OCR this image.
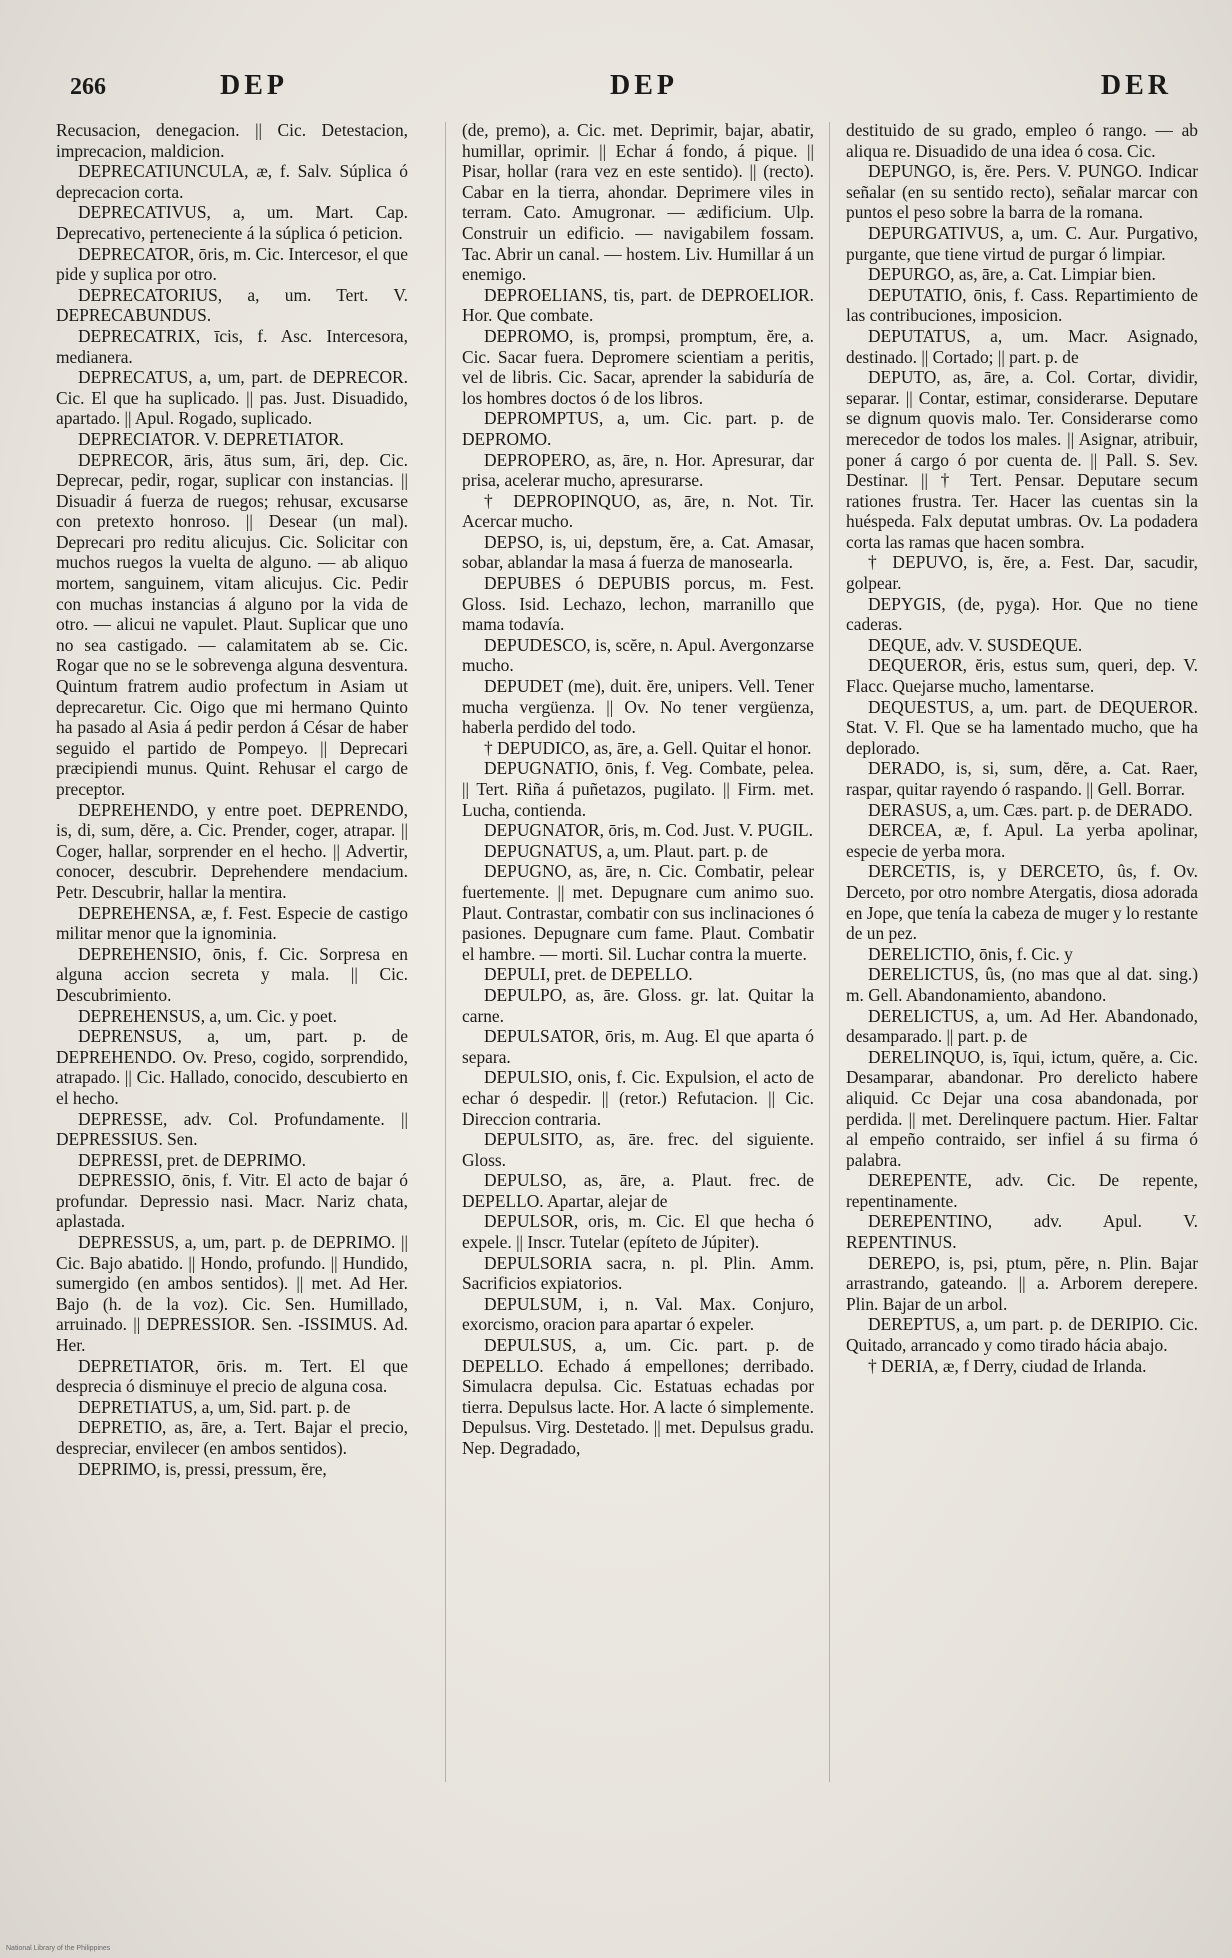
266	DEP	DEP	DER

Recusacion, denegacion. || Cic. Detestacion, imprecacion, maldicion.

DEPRECATIUNCULA, æ, f. Salv. Súplica ó deprecacion corta.

DEPRECATIVUS, a, um. Mart. Cap. Deprecativo, perteneciente á la súplica ó peticion.

DEPRECATOR, ōris, m. Cic. Intercesor, el que pide y suplica por otro.

DEPRECATORIUS, a, um. Tert. V. DEPRECABUNDUS.

DEPRECATRIX, īcis, f. Asc. Intercesora, medianera.

DEPRECATUS, a, um, part. de DEPRECOR. Cic. El que ha suplicado. || pas. Just. Disuadido, apartado. || Apul. Rogado, suplicado.

DEPRECIATOR. V. DEPRETIATOR.

DEPRECOR, āris, ātus sum, āri, dep. Cic. Deprecar, pedir, rogar, suplicar con instancias. || Disuadir á fuerza de ruegos; rehusar, excusarse con pretexto honroso. || Desear (un mal). Deprecari pro reditu alicujus. Cic. Solicitar con muchos ruegos la vuelta de alguno. — ab aliquo mortem, sanguinem, vitam alicujus. Cic. Pedir con muchas instancias á alguno por la vida de otro. — alicui ne vapulet. Plaut. Suplicar que uno no sea castigado. — calamitatem ab se. Cic. Rogar que no se le sobrevenga alguna desventura. Quintum fratrem audio profectum in Asiam ut deprecaretur. Cic. Oigo que mi hermano Quinto ha pasado al Asia á pedir perdon á César de haber seguido el partido de Pompeyo. || Deprecari præcipiendi munus. Quint. Rehusar el cargo de preceptor.

DEPREHENDO, y entre poet. DEPRENDO, is, di, sum, dĕre, a. Cic. Prender, coger, atrapar. || Coger, hallar, sorprender en el hecho. || Advertir, conocer, descubrir. Deprehendere mendacium. Petr. Descubrir, hallar la mentira.

DEPREHENSA, æ, f. Fest. Especie de castigo militar menor que la ignominia.

DEPREHENSIO, ōnis, f. Cic. Sorpresa en alguna accion secreta y mala. || Cic. Descubrimiento.

DEPREHENSUS, a, um. Cic. y poet.

DEPRENSUS, a, um, part. p. de DEPREHENDO. Ov. Preso, cogido, sorprendido, atrapado. || Cic. Hallado, conocido, descubierto en el hecho.

DEPRESSE, adv. Col. Profundamente. || DEPRESSIUS. Sen.

DEPRESSI, pret. de DEPRIMO.

DEPRESSIO, ōnis, f. Vitr. El acto de bajar ó profundar. Depressio nasi. Macr. Nariz chata, aplastada.

DEPRESSUS, a, um, part. p. de DEPRIMO. || Cic. Bajo abatido. || Hondo, profundo. || Hundido, sumergido (en ambos sentidos). || met. Ad Her. Bajo (h. de la voz). Cic. Sen. Humillado, arruinado. || DEPRESSIOR. Sen. -ISSIMUS. Ad. Her.

DEPRETIATOR, ōris. m. Tert. El que desprecia ó disminuye el precio de alguna cosa.

DEPRETIATUS, a, um, Sid. part. p. de

DEPRETIO, as, āre, a. Tert. Bajar el precio, despreciar, envilecer (en ambos sentidos).

DEPRIMO, is, pressi, pressum, ĕre,

(de, premo), a. Cic. met. Deprimir, bajar, abatir, humillar, oprimir. || Echar á fondo, á pique. || Pisar, hollar (rara vez en este sentido). || (recto). Cabar en la tierra, ahondar. Deprimere viles in terram. Cato. Amugronar. — ædificium. Ulp. Construir un edificio. — navigabilem fossam. Tac. Abrir un canal. — hostem. Liv. Humillar á un enemigo.

DEPROELIANS, tis, part. de DEPROELIOR. Hor. Que combate.

DEPROMO, is, prompsi, promptum, ĕre, a. Cic. Sacar fuera. Depromere scientiam a peritis, vel de libris. Cic. Sacar, aprender la sabiduría de los hombres doctos ó de los libros.

DEPROMPTUS, a, um. Cic. part. p. de DEPROMO.

DEPROPERO, as, āre, n. Hor. Apresurar, dar prisa, acelerar mucho, apresurarse.

† DEPROPINQUO, as, āre, n. Not. Tir. Acercar mucho.

DEPSO, is, ui, depstum, ĕre, a. Cat. Amasar, sobar, ablandar la masa á fuerza de manosearla.

DEPUBES ó DEPUBIS porcus, m. Fest. Gloss. Isid. Lechazo, lechon, marranillo que mama todavía.

DEPUDESCO, is, scĕre, n. Apul. Avergonzarse mucho.

DEPUDET (me), duit. ĕre, unipers. Vell. Tener mucha vergüenza. || Ov. No tener vergüenza, haberla perdido del todo.

† DEPUDICO, as, āre, a. Gell. Quitar el honor.

DEPUGNATIO, ōnis, f. Veg. Combate, pelea. || Tert. Riña á puñetazos, pugilato. || Firm. met. Lucha, contienda.

DEPUGNATOR, ōris, m. Cod. Just. V. PUGIL.

DEPUGNATUS, a, um. Plaut. part. p. de

DEPUGNO, as, āre, n. Cic. Combatir, pelear fuertemente. || met. Depugnare cum animo suo. Plaut. Contrastar, combatir con sus inclinaciones ó pasiones. Depugnare cum fame. Plaut. Combatir el hambre. — morti. Sil. Luchar contra la muerte.

DEPULI, pret. de DEPELLO.

DEPULPO, as, āre. Gloss. gr. lat. Quitar la carne.

DEPULSATOR, ōris, m. Aug. El que aparta ó separa.

DEPULSIO, onis, f. Cic. Expulsion, el acto de echar ó despedir. || (retor.) Refutacion. || Cic. Direccion contraria.

DEPULSITO, as, āre. frec. del siguiente. Gloss.

DEPULSO, as, āre, a. Plaut. frec. de DEPELLO. Apartar, alejar de

DEPULSOR, oris, m. Cic. El que hecha ó expele. || Inscr. Tutelar (epíteto de Júpiter).

DEPULSORIA sacra, n. pl. Plin. Amm. Sacrificios expiatorios.

DEPULSUM, i, n. Val. Max. Conjuro, exorcismo, oracion para apartar ó expeler.

DEPULSUS, a, um. Cic. part. p. de DEPELLO. Echado á empellones; derribado. Simulacra depulsa. Cic. Estatuas echadas por tierra. Depulsus lacte. Hor. A lacte ó simplemente. Depulsus. Virg. Destetado. || met. Depulsus gradu. Nep. Degradado,

destituido de su grado, empleo ó rango. — ab aliqua re. Disuadido de una idea ó cosa. Cic.

DEPUNGO, is, ĕre. Pers. V. PUNGO. Indicar señalar (en su sentido recto), señalar marcar con puntos el peso sobre la barra de la romana.

DEPURGATIVUS, a, um. C. Aur. Purgativo, purgante, que tiene virtud de purgar ó limpiar.

DEPURGO, as, āre, a. Cat. Limpiar bien.

DEPUTATIO, ōnis, f. Cass. Repartimiento de las contribuciones, imposicion.

DEPUTATUS, a, um. Macr. Asignado, destinado. || Cortado; || part. p. de

DEPUTO, as, āre, a. Col. Cortar, dividir, separar. || Contar, estimar, considerarse. Deputare se dignum quovis malo. Ter. Considerarse como merecedor de todos los males. || Asignar, atribuir, poner á cargo ó por cuenta de. || Pall. S. Sev. Destinar. || † Tert. Pensar. Deputare secum rationes frustra. Ter. Hacer las cuentas sin la huéspeda. Falx deputat umbras. Ov. La podadera corta las ramas que hacen sombra.

† DEPUVO, is, ĕre, a. Fest. Dar, sacudir, golpear.

DEPYGIS, (de, pyga). Hor. Que no tiene caderas.

DEQUE, adv. V. SUSDEQUE.

DEQUEROR, ĕris, estus sum, queri, dep. V. Flacc. Quejarse mucho, lamentarse.

DEQUESTUS, a, um. part. de DEQUEROR. Stat. V. Fl. Que se ha lamentado mucho, que ha deplorado.

DERADO, is, si, sum, dĕre, a. Cat. Raer, raspar, quitar rayendo ó raspando. || Gell. Borrar.

DERASUS, a, um. Cæs. part. p. de DERADO.

DERCEA, æ, f. Apul. La yerba apolinar, especie de yerba mora.

DERCETIS, is, y DERCETO, ûs, f. Ov. Derceto, por otro nombre Atergatis, diosa adorada en Jope, que tenía la cabeza de muger y lo restante de un pez.

DERELICTIO, ōnis, f. Cic. y

DERELICTUS, ûs, (no mas que al dat. sing.) m. Gell. Abandonamiento, abandono.

DERELICTUS, a, um. Ad Her. Abandonado, desamparado. || part. p. de

DERELINQUO, is, īqui, ictum, quĕre, a. Cic. Desamparar, abandonar. Pro derelicto habere aliquid. Cc Dejar una cosa abandonada, por perdida. || met. Derelinquere pactum. Hier. Faltar al empeño contraido, ser infiel á su firma ó palabra.

DEREPENTE, adv. Cic. De repente, repentinamente.

DEREPENTINO, adv. Apul. V. REPENTINUS.

DEREPO, is, psi, ptum, pĕre, n. Plin. Bajar arrastrando, gateando. || a. Arborem derepere. Plin. Bajar de un arbol.

DEREPTUS, a, um part. p. de DERIPIO. Cic. Quitado, arrancado y como tirado hácia abajo.

† DERIA, æ, f Derry, ciudad de Irlanda.

National Library of the Philippines
